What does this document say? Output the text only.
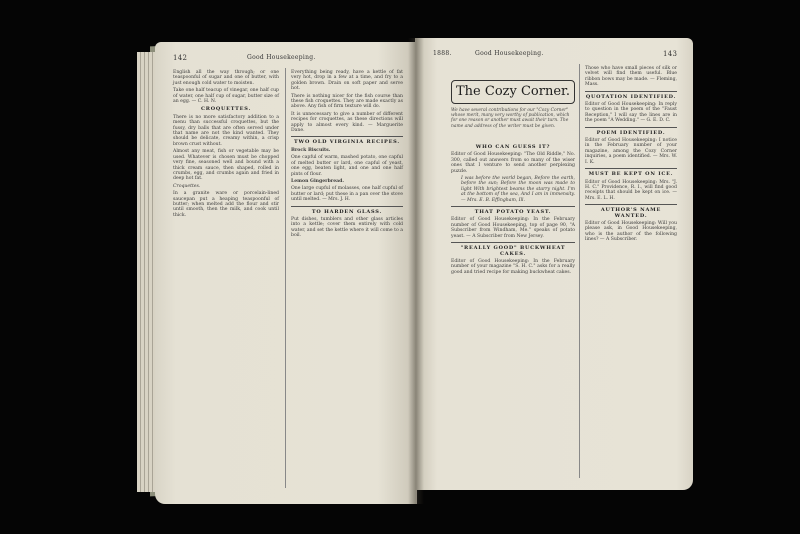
142	Good Housekeeping.

English all the way through; or one teaspoonful of sugar and one of butter, with just enough cold water to moisten.

Take one half teacup of vinegar, one half cup of water, one half cup of sugar, butter size of an egg. — C. H. N.

CROQUETTES.

There is no more satisfactory addition to a menu than successful croquettes, but the fussy, dry balls that are often served under that name are not the kind wanted. They should be delicate, creamy within, a crisp brown crust without.

Almost any meat, fish or vegetable may be used. Whatever is chosen must be chopped very fine, seasoned well and bound with a thick cream sauce, then shaped, rolled in crumbs, egg, and crumbs again and fried in deep hot fat.

Croquettes.

In a granite ware or porcelain-lined saucepan put a heaping teaspoonful of butter; when melted add the flour and stir until smooth, then the milk, and cook until thick.

Everything being ready, have a kettle of fat very hot, drop in a few at a time, and fry to a golden brown. Drain on soft paper and serve hot.

There is nothing nicer for the fish course than these fish croquettes. They are made exactly as above. Any fish of firm texture will do.

It is unnecessary to give a number of different recipes for croquettes, as these directions will apply to almost every kind. — Marguerite Dane.

TWO OLD VIRGINIA RECIPES.

Brock Biscuits.

One capful of warm, mashed potato, one capful of melted butter or lard, one capful of yeast, one egg, beaten light, and one and one half pints of flour.

Lemon Gingerbread.

One large cupful of molasses, one half cupful of butter or lard; put these in a pan over the stove until melted. — Mrs. J. H.

TO HARDEN GLASS.

Put dishes, tumblers and other glass articles into a kettle; cover them entirely with cold water, and set the kettle where it will come to a boil.

1888.	Good Housekeeping.	143
The Cozy Corner.
We have several contributions for our "Cozy Corner" whose merit, many very worthy of publication, which for one reason or another must await their turn. The name and address of the writer must be given.
WHO CAN GUESS IT?

Editor of Good Housekeeping: "The Old Riddle," No. 300, called out answers from so many of the wiser ones that I venture to send another perplexing puzzle.

I was before the world began, Before the earth, before the sun; Before the moon was made to light With brightest beams the starry night. I'm at the bottom of the sea, And I am in immensity. — Mrs. E. B. Effingham, Ill.

THAT POTATO YEAST.

Editor of Good Housekeeping: In the February number of Good Housekeeping, top of page 90, "A Subscriber from Windham, Me." speaks of potato yeast. — A Subscriber from New Jersey.

"REALLY GOOD" BUCKWHEAT CAKES.

Editor of Good Housekeeping: In the February number of your magazine "S. H. C." asks for a really good and tried recipe for making buckwheat cakes.

Those who have small pieces of silk or velvet will find them useful. Blue ribbon bows may be made. — Fleming, Mass.

QUOTATION IDENTIFIED.

Editor of Good Housekeeping: In reply to question in the poem of the "Faust Reception," I will say the lines are in the poem "A Wedding." — G. E. D. C.

POEM IDENTIFIED.

Editor of Good Housekeeping: I notice in the February number of your magazine, among the Cozy Corner inquiries, a poem identified. — Mrs. W. I. K.

MUST BE KEPT ON ICE.

Editor of Good Housekeeping: Mrs. "J. H. C." Providence, R. I., will find good receipts that should be kept on ice. — Mrs. E. L. H.

AUTHOR'S NAME WANTED.

Editor of Good Housekeeping: Will you please ask, in Good Housekeeping, who is the author of the following lines? — A Subscriber.
